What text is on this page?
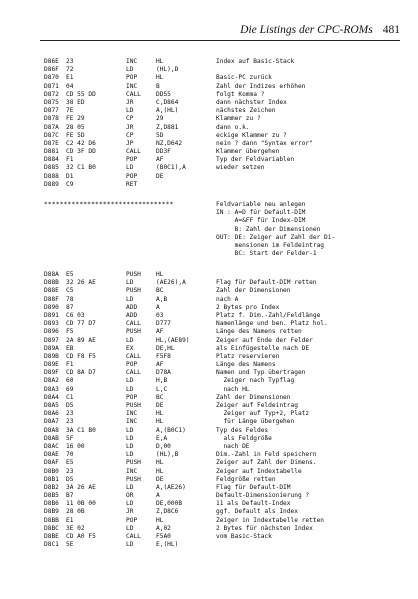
Die Listings der CPC-ROMs 481
D86E 23	INC	HL	Index auf Basic-Stack
D86F 72	LD	(HL),D
D870 E1	POP	HL	Basic-PC zurück
D871 04	INC	B	Zahl der Indizes erhöhen
D872 CD 55 DD	CALL DD55	folgt Komma ?
D875 38 ED	JR	C,D864	dann nächster Index
D877 7E	LD	A,(HL)	nächstes Zeichen
D878 FE 29	CP	29	Klammer zu ?
D87A 28 05	JR	Z,D881	dann o.k.
D87C FE 5D	CP	5D	eckige Klammer zu ?
D87E C2 42 D6	JP	NZ,D642	nein ? dann "Syntax error"
D881 CD 3F DD	CALL DD3F	Klammer übergehen
D884 F1	POP	AF	Typ der Feldvariablen
D885 32 C1 B0	LD	(B0C1),A	wieder setzen
D888 D1	POP	DE
D889 C9	RET
*********************************	Feldvariable neu anlegen
IN : A=D für Default-DIM
A=&FF für Index-DIM
B: Zahl der Dimensionen
OUT: DE: Zeiger auf Zahl der Di-
mensionen im Feldeintrag
BC: Start der Felder-1
D88A E5	PUSH HL
D88B 32 26 AE	LD	(AE26),A	Flag für Default-DIM retten
D88E C5	PUSH BC	Zahl der Dimensionen
D88F 78	LD	A,B	nach A
D890 87	ADD	A	2 Bytes pro Index
D891 C6 03	ADD	03	Platz f. Dim.-Zahl/Feldlänge
D893 CD 77 D7	CALL D777	Namenlänge und ben. Platz hol.
D896 F5	PUSH AF	Länge des Namens retten
D897 2A 89 AE	LD	HL,(AE89)	Zeiger auf Ende der Felder
D89A EB	EX	DE,HL	als Einfügestelle nach DE
D89B CD F8 F5	CALL F5F8	Platz reservieren
D89E F1	POP	AF	Länge des Namens
D89F CD 8A D7	CALL D78A	Namen und Typ übertragen
D8A2 60	LD	H,B	Zeiger nach Typflag
D8A3 69	LD	L,C	nach HL
D8A4 C1	POP	BC	Zahl der Dimensionen
D8A5 D5	PUSH DE	Zeiger auf Feldeintrag
D8A6 23	INC	HL	Zeiger auf Typ+2, Platz
D8A7 23	INC	HL	für Länge übergehen
D8A8 3A C1 B0	LD	A,(B0C1)	Typ des Feldes
D8AB 5F	LD	E,A	als Feldgröße
D8AC 16 00	LD	D,00	nach DE
D8AE 70	LD	(HL),B	Dim.-Zahl in Feld speichern
D8AF E5	PUSH HL	Zeiger auf Zahl der Dimens.
D8B0 23	INC	HL	Zeiger auf Indextabelle
D8B1 D5	PUSH DE	Feldgröße retten
D8B2 3A 26 AE	LD	A,(AE26)	Flag für Default-DIM
D8B5 B7	OR	A	Default-Dimensionierung ?
D8B6 11 0B 00	LD	DE,000B	11 als Default-Index
D8B9 28 0B	JR	Z,D8C6	ggf. Default als Index
D8BB E1	POP	HL	Zeiger in Indextabelle retten
D8BC 3E 02	LD	A,02	2 Bytes für nächsten Index
D8BE CD A0 F5	CALL F5A0	vom Basic-Stack
D8C1 5E	LD	E,(HL)
